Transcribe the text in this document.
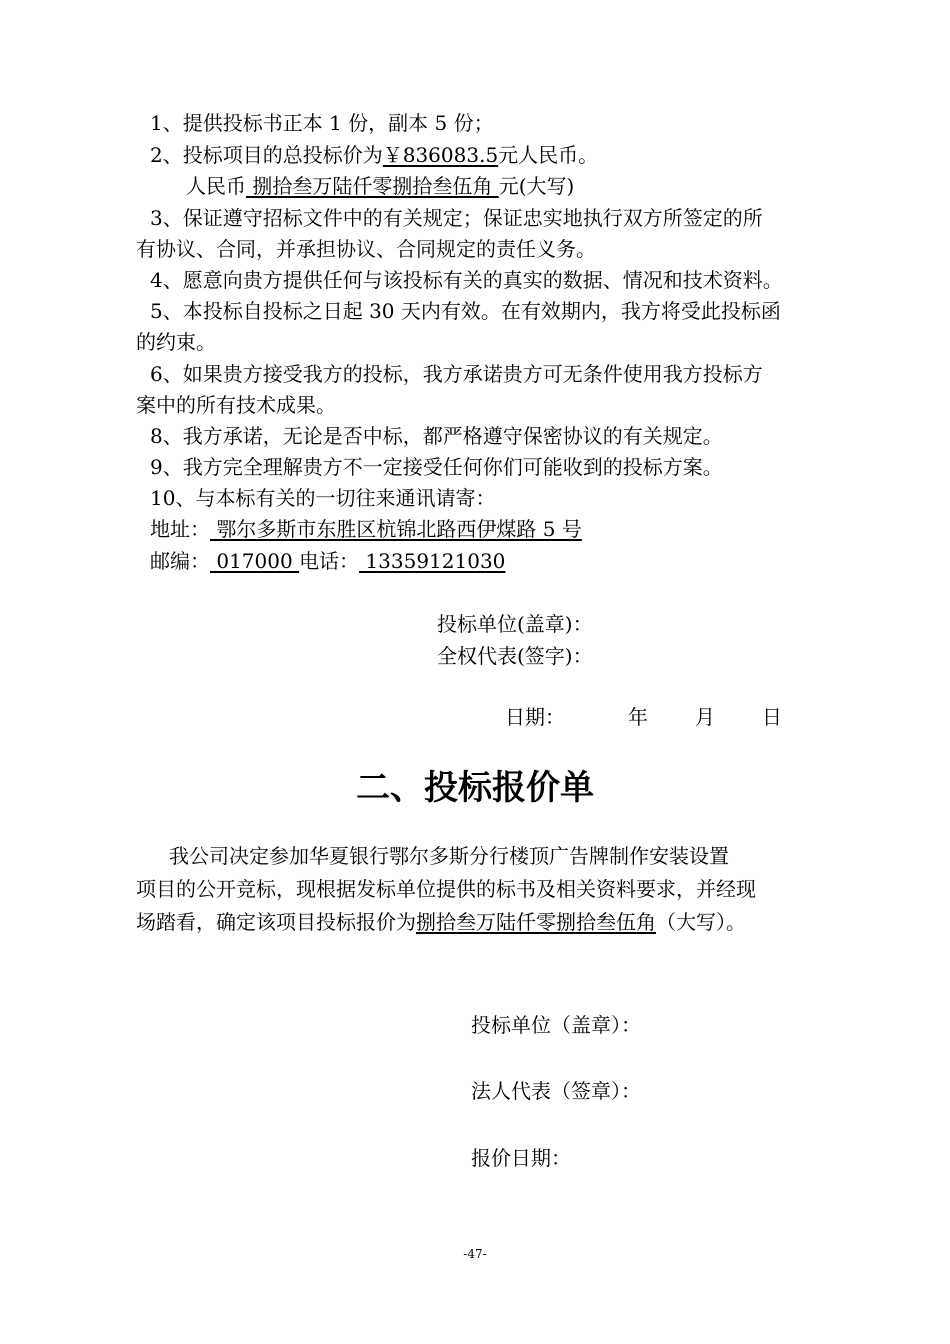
1、提供投标书正本 1 份，副本 5 份；
2、投标项目的总投标价为￥836083.5元人民币。
人民币 捌拾叁万陆仟零捌拾叁伍角 元(大写)
3、保证遵守招标文件中的有关规定；保证忠实地执行双方所签定的所
有协议、合同，并承担协议、合同规定的责任义务。
4、愿意向贵方提供任何与该投标有关的真实的数据、情况和技术资料。
5、本投标自投标之日起 30 天内有效。在有效期内，我方将受此投标函
的约束。
6、如果贵方接受我方的投标，我方承诺贵方可无条件使用我方投标方
案中的所有技术成果。
8、我方承诺，无论是否中标，都严格遵守保密协议的有关规定。
9、我方完全理解贵方不一定接受任何你们可能收到的投标方案。
10、与本标有关的一切往来通讯请寄：
地址： 鄂尔多斯市东胜区杭锦北路西伊煤路 5 号
邮编： 017000 电话： 13359121030
投标单位(盖章)：
全权代表(签字)：
日期：	年 月 日
二、投标报价单
我公司决定参加华夏银行鄂尔多斯分行楼顶广告牌制作安装设置
项目的公开竞标，现根据发标单位提供的标书及相关资料要求，并经现
场踏看，确定该项目投标报价为捌拾叁万陆仟零捌拾叁伍角（大写）。
投标单位（盖章）：
法人代表（签章）：
报价日期：
-47-
